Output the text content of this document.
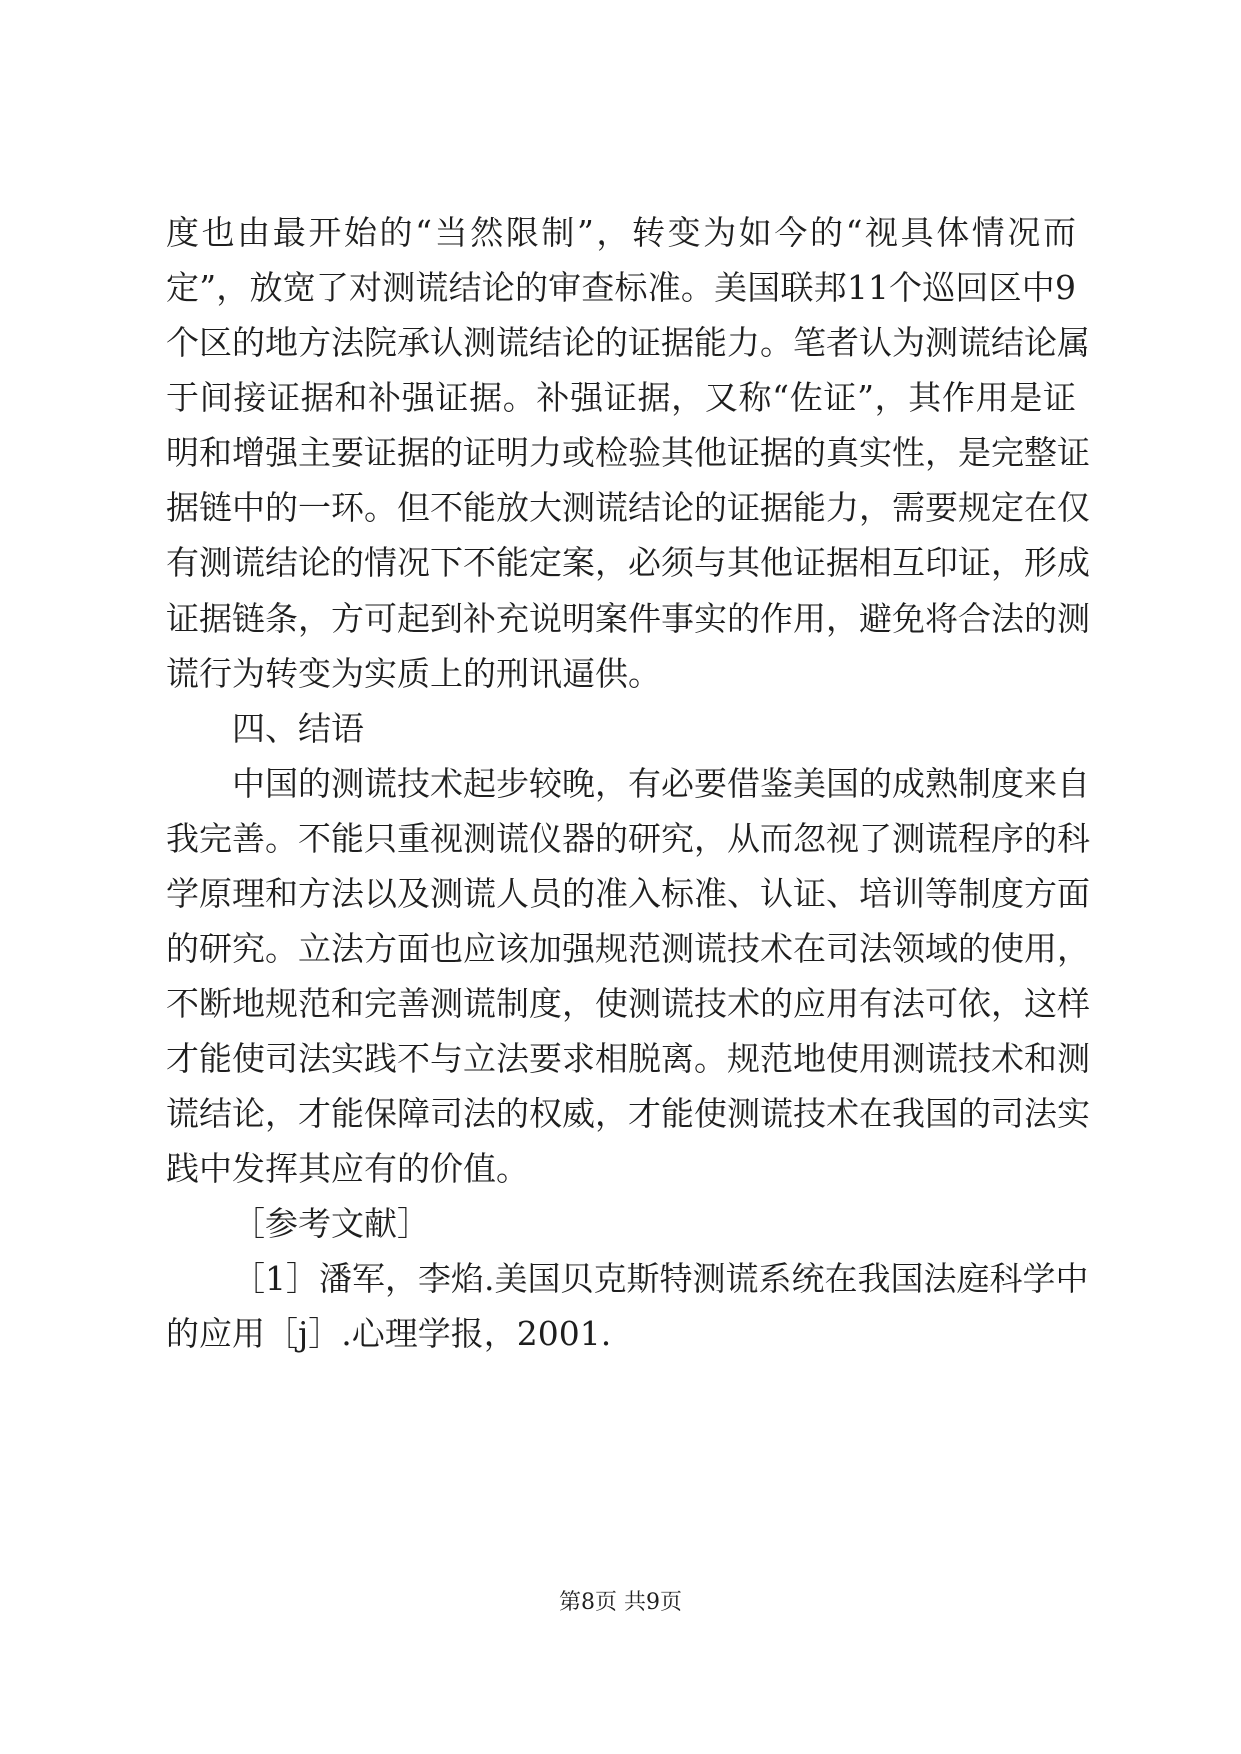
度也由最开始的“当然限制”，转变为如今的“视具体情况而
定”，放宽了对测谎结论的审查标准。美国联邦11个巡回区中9
个区的地方法院承认测谎结论的证据能力。笔者认为测谎结论属
于间接证据和补强证据。补强证据，又称“佐证”，其作用是证
明和增强主要证据的证明力或检验其他证据的真实性，是完整证
据链中的一环。但不能放大测谎结论的证据能力，需要规定在仅
有测谎结论的情况下不能定案，必须与其他证据相互印证，形成
证据链条，方可起到补充说明案件事实的作用，避免将合法的测
谎行为转变为实质上的刑讯逼供。
四、结语
中国的测谎技术起步较晚，有必要借鉴美国的成熟制度来自
我完善。不能只重视测谎仪器的研究，从而忽视了测谎程序的科
学原理和方法以及测谎人员的准入标准、认证、培训等制度方面
的研究。立法方面也应该加强规范测谎技术在司法领域的使用，
不断地规范和完善测谎制度，使测谎技术的应用有法可依，这样
才能使司法实践不与立法要求相脱离。规范地使用测谎技术和测
谎结论，才能保障司法的权威，才能使测谎技术在我国的司法实
践中发挥其应有的价值。
［参考文献］
［1］潘军，李焰.美国贝克斯特测谎系统在我国法庭科学中
的应用［j］.心理学报，2001.
第8页 共9页
